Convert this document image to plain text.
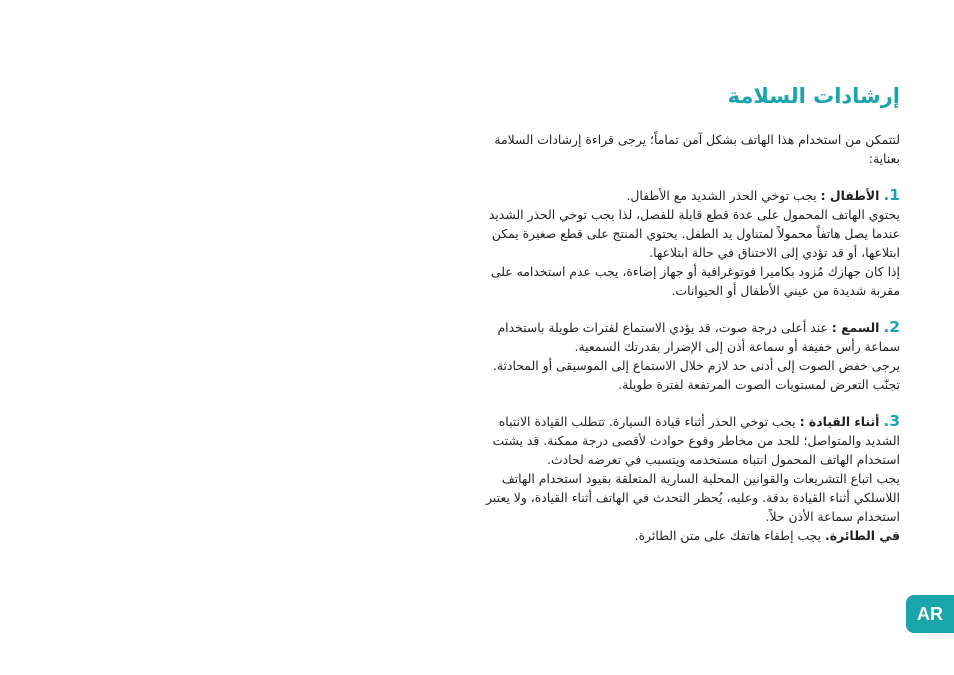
إرشادات السلامة

لتتمكن من استخدام هذا الهاتف بشكل آمن تماماً؛ يرجى قراءة إرشادات السلامة بعناية:

1. الأطفال : يجب توخي الحذر الشديد مع الأطفال.

يحتوي الهاتف المحمول على عدة قطع قابلة للفصل، لذا يجب توخي الحذر الشديد عندما يصل هاتفاً محمولاً لمتناول يد الطفل. يحتوي المنتج على قطع صغيرة يمكن ابتلاعها، أو قد تؤدي إلى الاختناق في حالة ابتلاعها.

إذا كان جهازك مُزود بكاميرا فوتوغرافية أو جهاز إضاءة، يجب عدم استخدامه على مقربة شديدة من عيني الأطفال أو الحيوانات.

2. السمع : عند أعلى درجة صوت، قد يؤدي الاستماع لفترات طويلة باستخدام سماعة رأس خفيفة أو سماعة أذن إلى الإضرار بقدرتك السمعية.

يرجى خفض الصوت إلى أدنى حد لازم خلال الاستماع إلى الموسيقى أو المحادثة. تجنّب التعرض لمستويات الصوت المرتفعة لفترة طويلة.

3. أثناء القيادة : يجب توخي الحذر أثناء قيادة السيارة. تتطلب القيادة الانتباه الشديد والمتواصل؛ للحد من مخاطر وقوع حوادث لأقصى درجة ممكنة. قد يشتت استخدام الهاتف المحمول انتباه مستخدمه ويتسبب في تعرضه لحادث.

يجب اتباع التشريعات والقوانين المحلية السارية المتعلقة بقيود استخدام الهاتف اللاسلكي أثناء القيادة بدقة. وعليه، يُحظر التحدث في الهاتف أثناء القيادة، ولا يعتبر استخدام سماعة الأذن حلاً.

في الطائرة. يجب إطفاء هاتفك على متن الطائرة.

AR
